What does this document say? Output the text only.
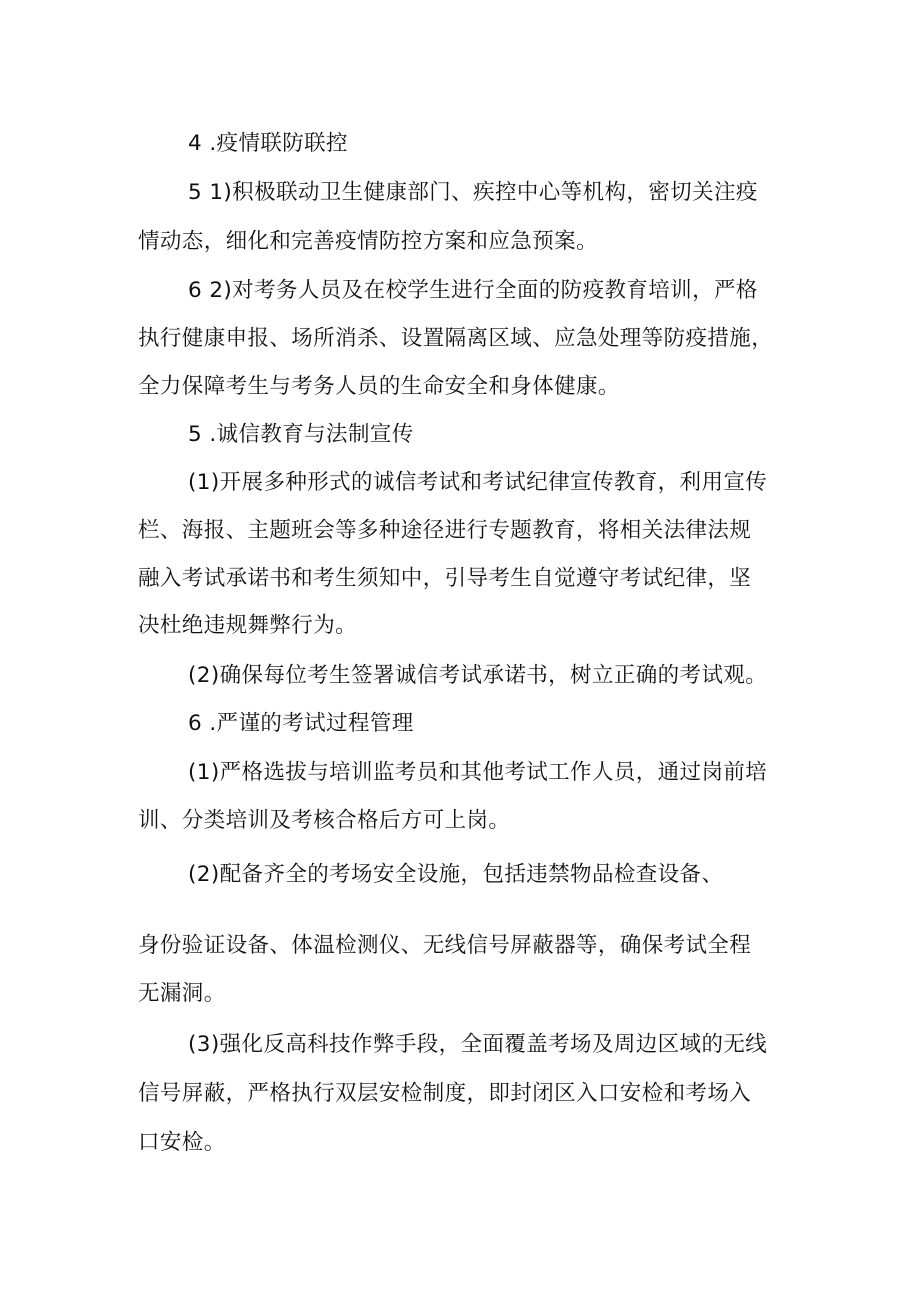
4 .疫情联防联控
5 1)积极联动卫生健康部门、疾控中心等机构，密切关注疫
情动态，细化和完善疫情防控方案和应急预案。
6 2)对考务人员及在校学生进行全面的防疫教育培训，严格
执行健康申报、场所消杀、设置隔离区域、应急处理等防疫措施，
全力保障考生与考务人员的生命安全和身体健康。
5 .诚信教育与法制宣传
(1)开展多种形式的诚信考试和考试纪律宣传教育，利用宣传
栏、海报、主题班会等多种途径进行专题教育，将相关法律法规
融入考试承诺书和考生须知中，引导考生自觉遵守考试纪律，坚
决杜绝违规舞弊行为。
(2)确保每位考生签署诚信考试承诺书，树立正确的考试观。
6 .严谨的考试过程管理
(1)严格选拔与培训监考员和其他考试工作人员，通过岗前培
训、分类培训及考核合格后方可上岗。
(2)配备齐全的考场安全设施，包括违禁物品检查设备、
身份验证设备、体温检测仪、无线信号屏蔽器等，确保考试全程
无漏洞。
(3)强化反高科技作弊手段，全面覆盖考场及周边区域的无线
信号屏蔽，严格执行双层安检制度，即封闭区入口安检和考场入
口安检。
